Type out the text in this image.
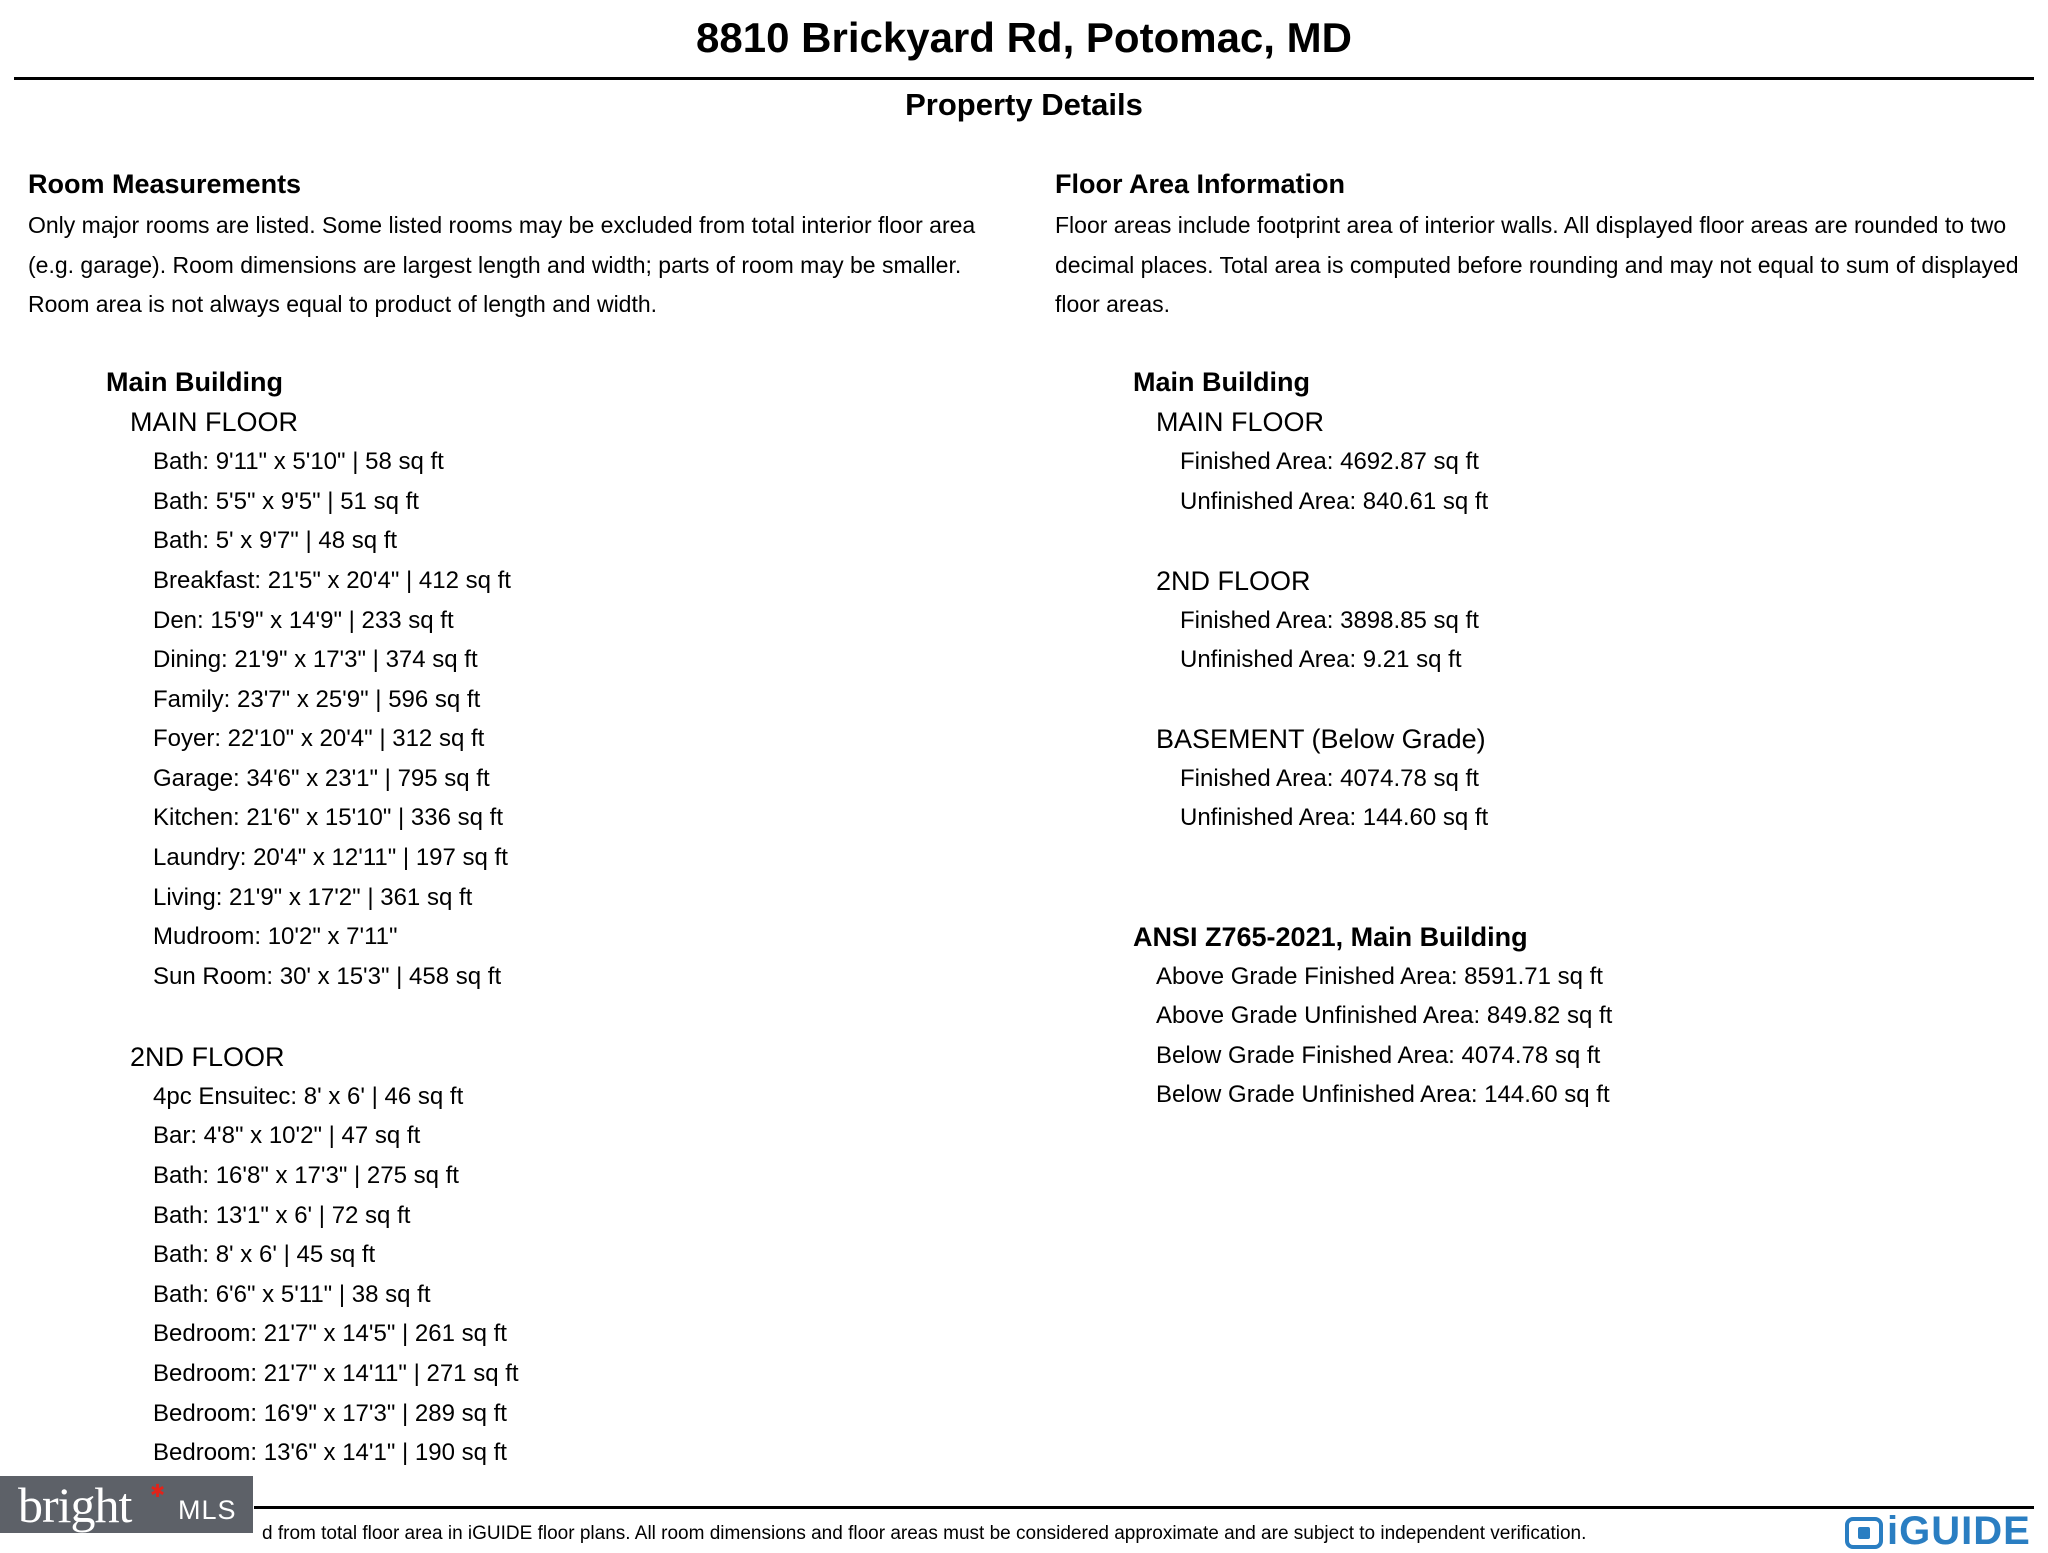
8810 Brickyard Rd, Potomac, MD
Property Details
Room Measurements
Only major rooms are listed. Some listed rooms may be excluded from total interior floor area
(e.g. garage). Room dimensions are largest length and width; parts of room may be smaller.
Room area is not always equal to product of length and width.
Main Building
MAIN FLOOR
Bath: 9'11" x 5'10" | 58 sq ft
Bath: 5'5" x 9'5" | 51 sq ft
Bath: 5' x 9'7" | 48 sq ft
Breakfast: 21'5" x 20'4" | 412 sq ft
Den: 15'9" x 14'9" | 233 sq ft
Dining: 21'9" x 17'3" | 374 sq ft
Family: 23'7" x 25'9" | 596 sq ft
Foyer: 22'10" x 20'4" | 312 sq ft
Garage: 34'6" x 23'1" | 795 sq ft
Kitchen: 21'6" x 15'10" | 336 sq ft
Laundry: 20'4" x 12'11" | 197 sq ft
Living: 21'9" x 17'2" | 361 sq ft
Mudroom: 10'2" x 7'11"
Sun Room: 30' x 15'3" | 458 sq ft
2ND FLOOR
4pc Ensuitec: 8' x 6' | 46 sq ft
Bar: 4'8" x 10'2" | 47 sq ft
Bath: 16'8" x 17'3" | 275 sq ft
Bath: 13'1" x 6' | 72 sq ft
Bath: 8' x 6' | 45 sq ft
Bath: 6'6" x 5'11" | 38 sq ft
Bedroom: 21'7" x 14'5" | 261 sq ft
Bedroom: 21'7" x 14'11" | 271 sq ft
Bedroom: 16'9" x 17'3" | 289 sq ft
Bedroom: 13'6" x 14'1" | 190 sq ft
Floor Area Information
Floor areas include footprint area of interior walls. All displayed floor areas are rounded to two
decimal places. Total area is computed before rounding and may not equal to sum of displayed
floor areas.
Main Building
MAIN FLOOR
Finished Area: 4692.87 sq ft
Unfinished Area: 840.61 sq ft
2ND FLOOR
Finished Area: 3898.85 sq ft
Unfinished Area: 9.21 sq ft
BASEMENT (Below Grade)
Finished Area: 4074.78 sq ft
Unfinished Area: 144.60 sq ft
ANSI Z765-2021, Main Building
Above Grade Finished Area: 8591.71 sq ft
Above Grade Unfinished Area: 849.82 sq ft
Below Grade Finished Area: 4074.78 sq ft
Below Grade Unfinished Area: 144.60 sq ft
d from total floor area in iGUIDE floor plans. All room dimensions and floor areas must be considered approximate and are subject to independent verification.
bright ✱
MLS	iGUIDE
